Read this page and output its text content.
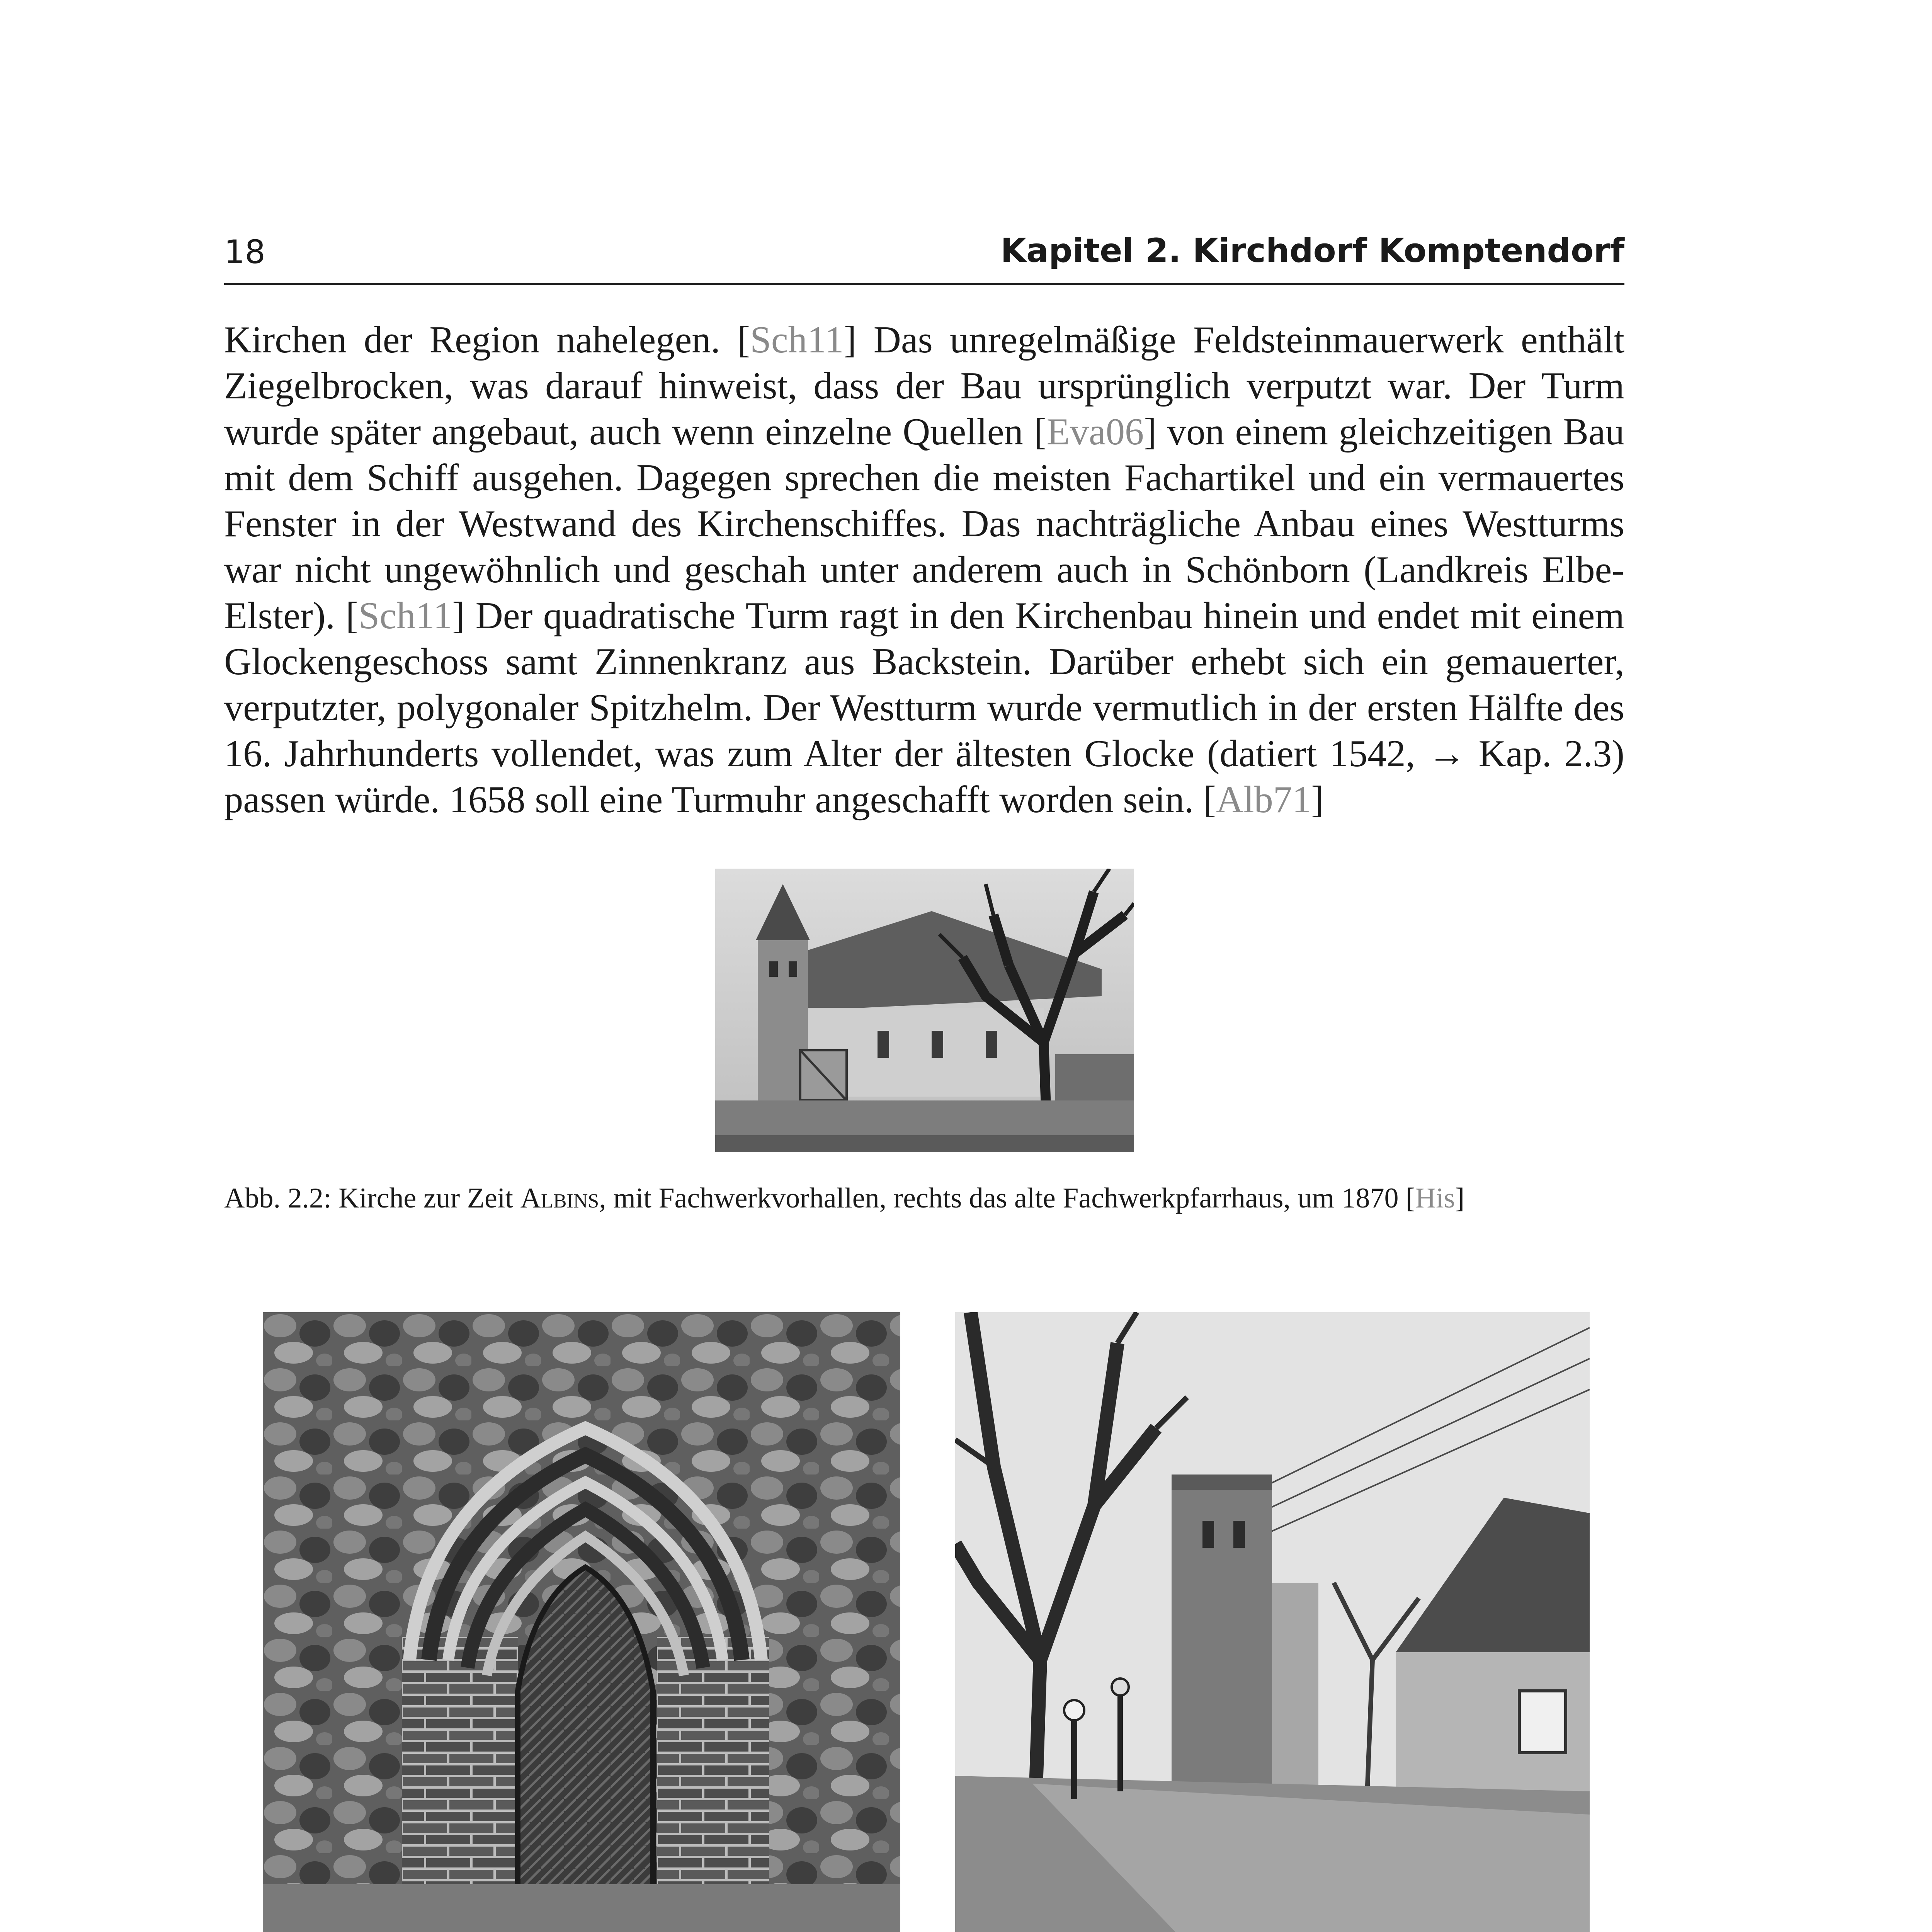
18	Kapitel 2. Kirchdorf Komptendorf
Kirchen der Region nahelegen. [Sch11] Das unregelmäßige Feldsteinmauerwerk enthält
Ziegelbrocken, was darauf hinweist, dass der Bau ursprünglich verputzt war. Der Turm
wurde später angebaut, auch wenn einzelne Quellen [Eva06] von einem gleichzeitigen Bau
mit dem Schiff ausgehen. Dagegen sprechen die meisten Fachartikel und ein vermauertes
Fenster in der Westwand des Kirchenschiffes. Das nachträgliche Anbau eines Westturms
war nicht ungewöhnlich und geschah unter anderem auch in Schönborn (Landkreis Elbe-
Elster). [Sch11] Der quadratische Turm ragt in den Kirchenbau hinein und endet mit einem
Glockengeschoss samt Zinnenkranz aus Backstein. Darüber erhebt sich ein gemauerter,
verputzter, polygonaler Spitzhelm. Der Westturm wurde vermutlich in der ersten Hälfte des
16. Jahrhunderts vollendet, was zum Alter der ältesten Glocke (datiert 1542, → Kap. 2.3)
passen würde. 1658 soll eine Turmuhr angeschafft worden sein. [Alb71]
Abb. 2.2: Kirche zur Zeit Albins, mit Fachwerkvorhallen, rechts das alte Fachwerkpfarrhaus, um 1870 [His]
